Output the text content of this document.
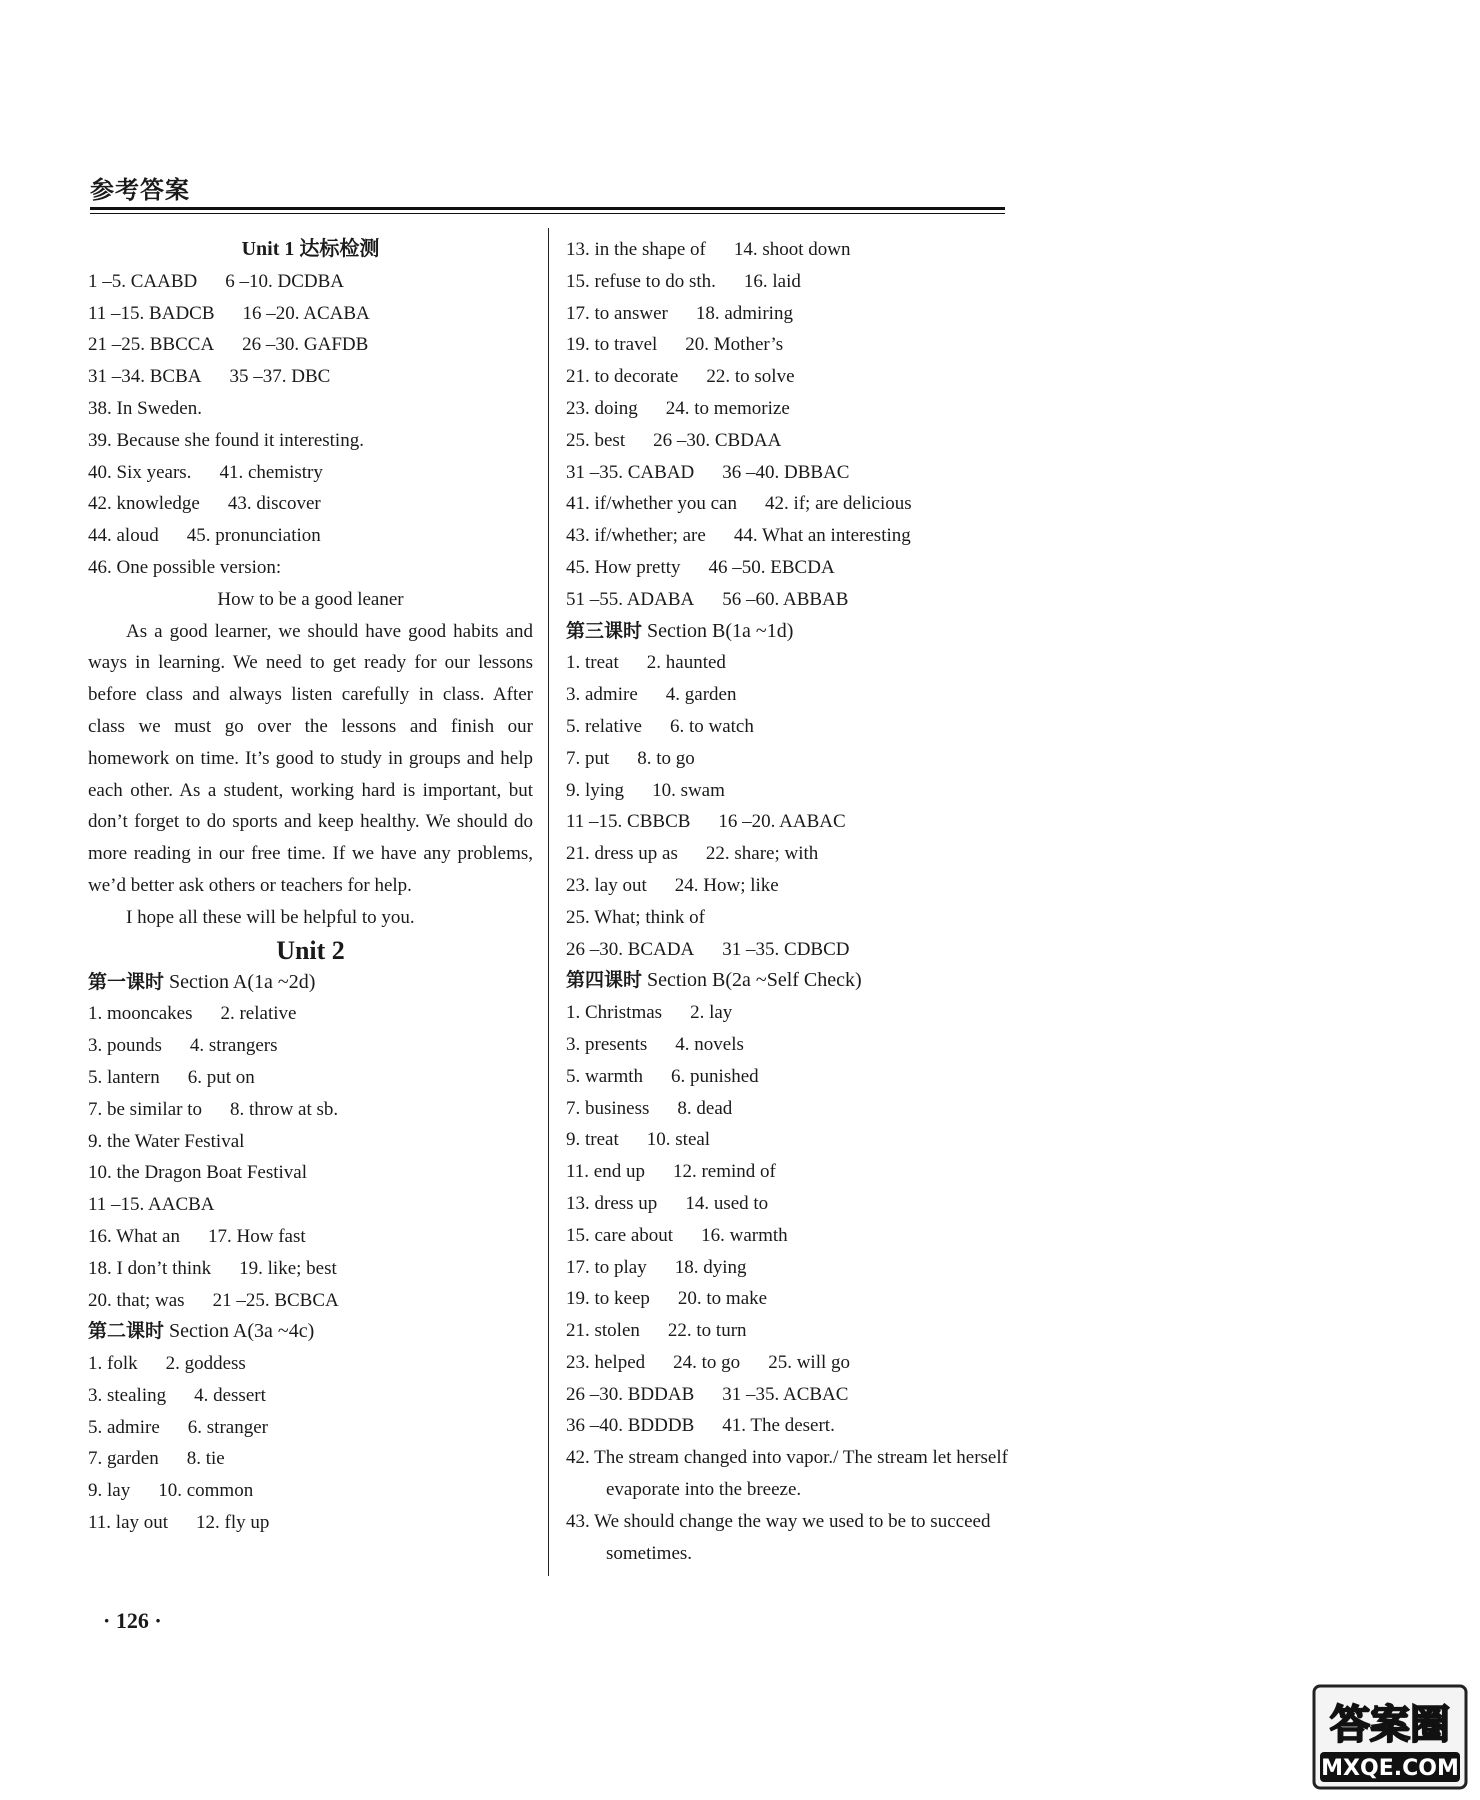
参考答案
Unit 1 达标检测
1 –5. CAABD 6 –10. DCDBA
11 –15. BADCB 16 –20. ACABA
21 –25. BBCCA 26 –30. GAFDB
31 –34. BCBA 35 –37. DBC
38. In Sweden.
39. Because she found it interesting.
40. Six years. 41. chemistry
42. knowledge 43. discover
44. aloud 45. pronunciation
46. One possible version:
How to be a good leaner
As a good learner, we should have good habits and ways in learning. We need to get ready for our lessons before class and always listen carefully in class. After class we must go over the lessons and finish our homework on time. It’s good to study in groups and help each other. As a student, working hard is important, but don’t forget to do sports and keep healthy. We should do more reading in our free time. If we have any problems, we’d better ask others or teachers for help.
I hope all these will be helpful to you.
Unit 2
第一课时 Section A(1a ~2d)
1. mooncakes 2. relative
3. pounds 4. strangers
5. lantern 6. put on
7. be similar to 8. throw at sb.
9. the Water Festival
10. the Dragon Boat Festival
11 –15. AACBA
16. What an 17. How fast
18. I don’t think 19. like; best
20. that; was 21 –25. BCBCA
第二课时 Section A(3a ~4c)
1. folk 2. goddess
3. stealing 4. dessert
5. admire 6. stranger
7. garden 8. tie
9. lay 10. common
11. lay out 12. fly up
13. in the shape of 14. shoot down
15. refuse to do sth. 16. laid
17. to answer 18. admiring
19. to travel 20. Mother’s
21. to decorate 22. to solve
23. doing 24. to memorize
25. best 26 –30. CBDAA
31 –35. CABAD 36 –40. DBBAC
41. if/whether you can 42. if; are delicious
43. if/whether; are 44. What an interesting
45. How pretty 46 –50. EBCDA
51 –55. ADABA 56 –60. ABBAB
第三课时 Section B(1a ~1d)
1. treat 2. haunted
3. admire 4. garden
5. relative 6. to watch
7. put 8. to go
9. lying 10. swam
11 –15. CBBCB 16 –20. AABAC
21. dress up as 22. share; with
23. lay out 24. How; like
25. What; think of
26 –30. BCADA 31 –35. CDBCD
第四课时 Section B(2a ~Self Check)
1. Christmas 2. lay
3. presents 4. novels
5. warmth 6. punished
7. business 8. dead
9. treat 10. steal
11. end up 12. remind of
13. dress up 14. used to
15. care about 16. warmth
17. to play 18. dying
19. to keep 20. to make
21. stolen 22. to turn
23. helped 24. to go 25. will go
26 –30. BDDAB 31 –35. ACBAC
36 –40. BDDDB 41. The desert.
42. The stream changed into vapor./ The stream let herself evaporate into the breeze.
43. We should change the way we used to be to succeed sometimes.
· 126 ·
答案圈
MXQE.COM
